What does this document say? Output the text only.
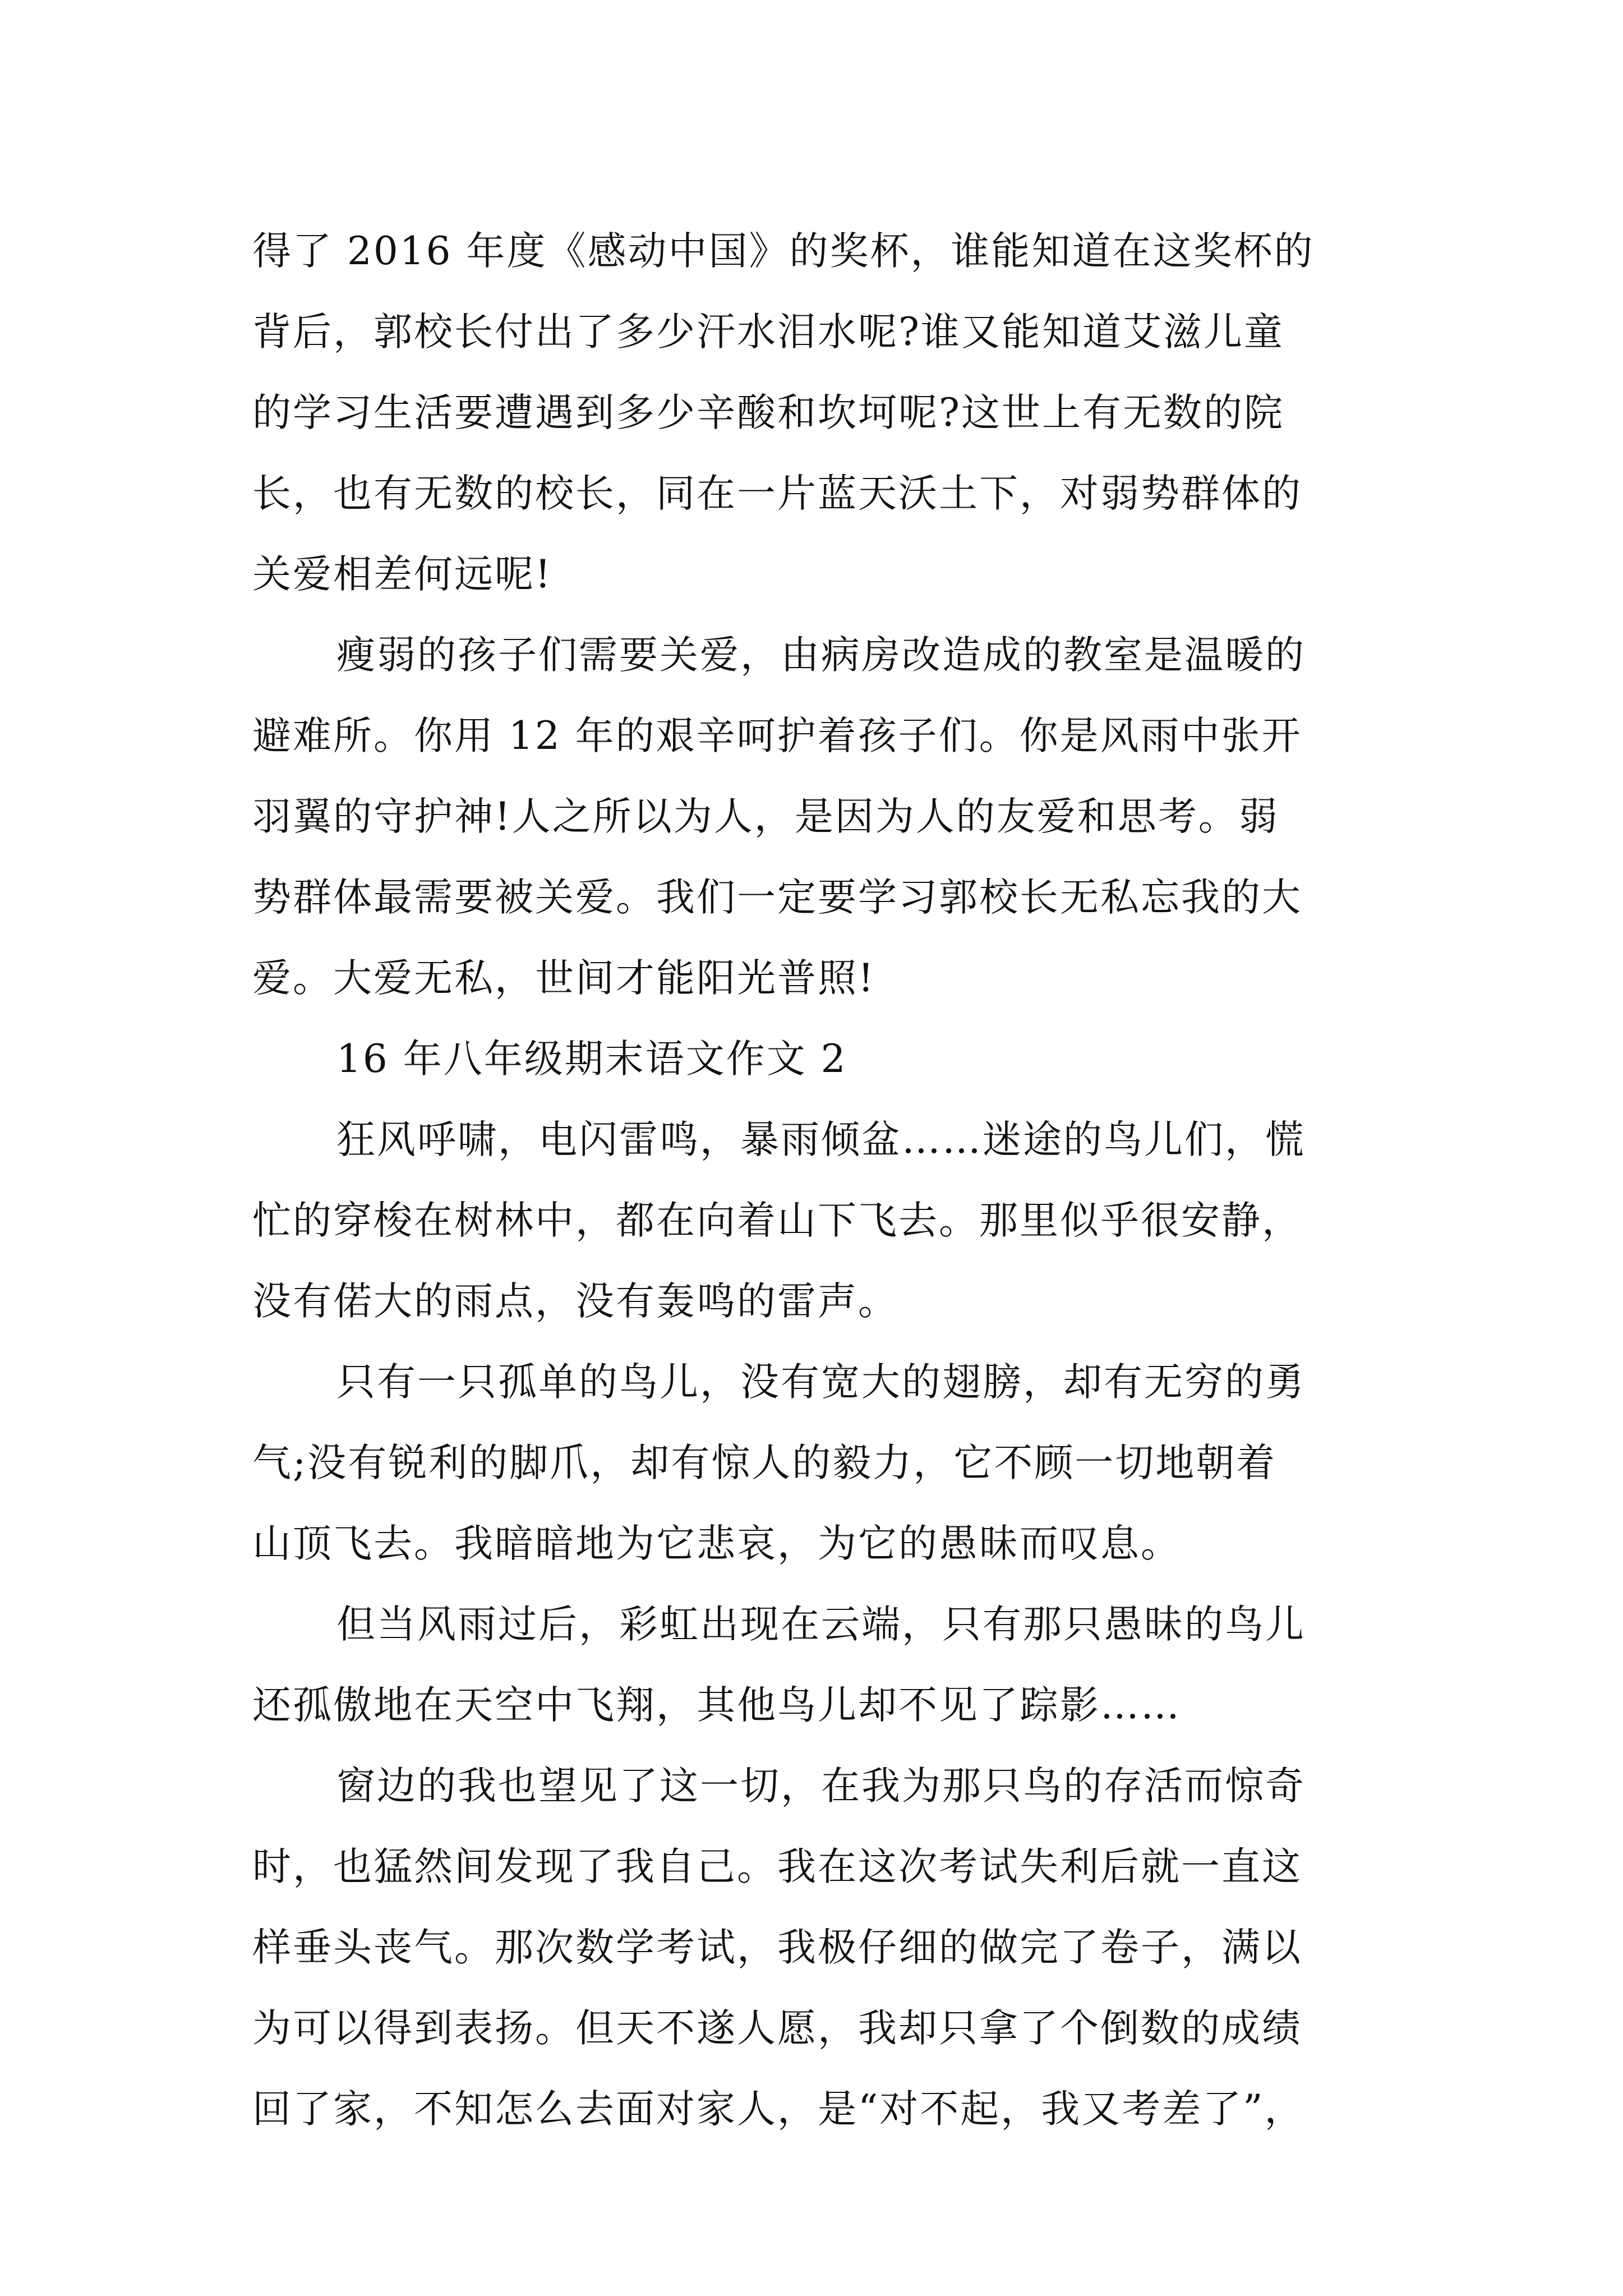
得了 2016 年度《感动中国》的奖杯，谁能知道在这奖杯的
背后，郭校长付出了多少汗水泪水呢?谁又能知道艾滋儿童
的学习生活要遭遇到多少辛酸和坎坷呢?这世上有无数的院
长，也有无数的校长，同在一片蓝天沃土下，对弱势群体的
关爱相差何远呢!
瘦弱的孩子们需要关爱，由病房改造成的教室是温暖的
避难所。你用 12 年的艰辛呵护着孩子们。你是风雨中张开
羽翼的守护神!人之所以为人，是因为人的友爱和思考。弱
势群体最需要被关爱。我们一定要学习郭校长无私忘我的大
爱。大爱无私，世间才能阳光普照!
16 年八年级期末语文作文 2
狂风呼啸，电闪雷鸣，暴雨倾盆……迷途的鸟儿们，慌
忙的穿梭在树林中，都在向着山下飞去。那里似乎很安静，
没有偌大的雨点，没有轰鸣的雷声。
只有一只孤单的鸟儿，没有宽大的翅膀，却有无穷的勇
气;没有锐利的脚爪，却有惊人的毅力，它不顾一切地朝着
山顶飞去。我暗暗地为它悲哀，为它的愚昧而叹息。
但当风雨过后，彩虹出现在云端，只有那只愚昧的鸟儿
还孤傲地在天空中飞翔，其他鸟儿却不见了踪影……
窗边的我也望见了这一切，在我为那只鸟的存活而惊奇
时，也猛然间发现了我自己。我在这次考试失利后就一直这
样垂头丧气。那次数学考试，我极仔细的做完了卷子，满以
为可以得到表扬。但天不遂人愿，我却只拿了个倒数的成绩
回了家，不知怎么去面对家人，是“对不起，我又考差了”，
